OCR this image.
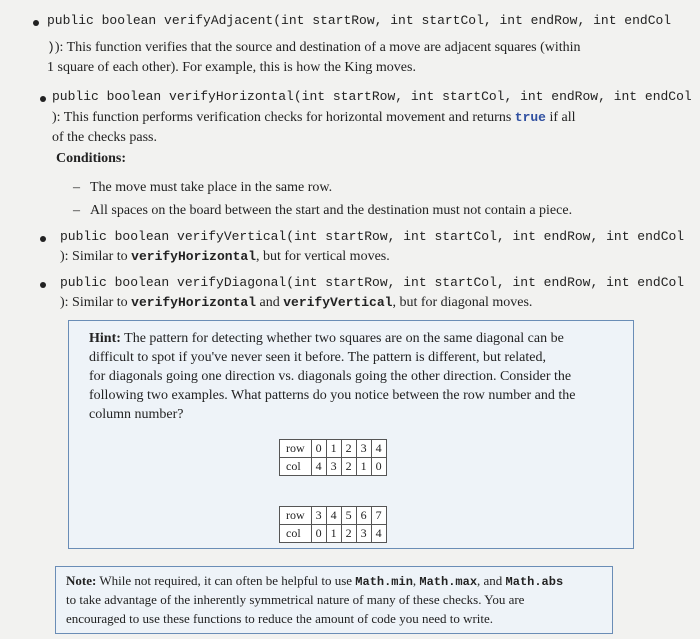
public boolean verifyAdjacent(int startRow, int startCol, int endRow, int endCol
)): This function verifies that the source and destination of a move are adjacent squares (within
1 square of each other). For example, this is how the King moves.
public boolean verifyHorizontal(int startRow, int startCol, int endRow, int endCol
): This function performs verification checks for horizontal movement and returns true if all
of the checks pass.
Conditions:
– The move must take place in the same row.
– All spaces on the board between the start and the destination must not contain a piece.
public boolean verifyVertical(int startRow, int startCol, int endRow, int endCol
): Similar to verifyHorizontal, but for vertical moves.
public boolean verifyDiagonal(int startRow, int startCol, int endRow, int endCol
): Similar to verifyHorizontal and verifyVertical, but for diagonal moves.
Hint: The pattern for detecting whether two squares are on the same diagonal can be
difficult to spot if you've never seen it before. The pattern is different, but related,
for diagonals going one direction vs. diagonals going the other direction. Consider the
following two examples. What patterns do you notice between the row number and the
column number?
row	0	1	2	3	4
col	4	3	2	1	0
row	3	4	5	6	7
col	0	1	2	3	4
Note: While not required, it can often be helpful to use Math.min, Math.max, and Math.abs
to take advantage of the inherently symmetrical nature of many of these checks. You are
encouraged to use these functions to reduce the amount of code you need to write.
